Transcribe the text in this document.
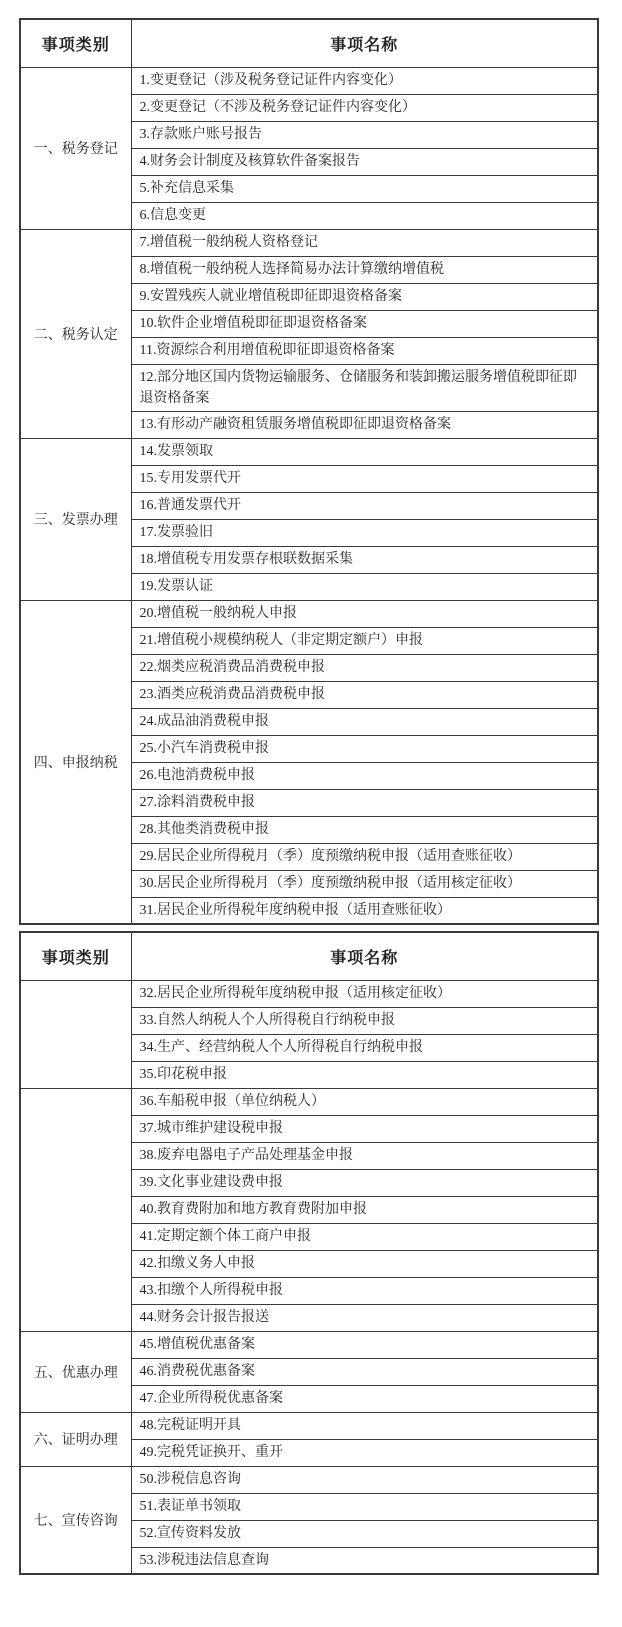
事项类别	事项名称
一、税务登记	1.变更登记（涉及税务登记证件内容变化）
	2.变更登记（不涉及税务登记证件内容变化）
	3.存款账户账号报告
	4.财务会计制度及核算软件备案报告
	5.补充信息采集
	6.信息变更
二、税务认定	7.增值税一般纳税人资格登记
	8.增值税一般纳税人选择简易办法计算缴纳增值税
	9.安置残疾人就业增值税即征即退资格备案
	10.软件企业增值税即征即退资格备案
	11.资源综合利用增值税即征即退资格备案
	12.部分地区国内货物运输服务、仓储服务和装卸搬运服务增值税即征即退资格备案
	13.有形动产融资租赁服务增值税即征即退资格备案
三、发票办理	14.发票领取
	15.专用发票代开
	16.普通发票代开
	17.发票验旧
	18.增值税专用发票存根联数据采集
	19.发票认证
四、申报纳税	20.增值税一般纳税人申报
	21.增值税小规模纳税人（非定期定额户）申报
	22.烟类应税消费品消费税申报
	23.酒类应税消费品消费税申报
	24.成品油消费税申报
	25.小汽车消费税申报
	26.电池消费税申报
	27.涂料消费税申报
	28.其他类消费税申报
	29.居民企业所得税月（季）度预缴纳税申报（适用查账征收）
	30.居民企业所得税月（季）度预缴纳税申报（适用核定征收）
	31.居民企业所得税年度纳税申报（适用查账征收）
事项类别	事项名称
	32.居民企业所得税年度纳税申报（适用核定征收）
	33.自然人纳税人个人所得税自行纳税申报
	34.生产、经营纳税人个人所得税自行纳税申报
	35.印花税申报
	36.车船税申报（单位纳税人）
	37.城市维护建设税申报
	38.废弃电器电子产品处理基金申报
	39.文化事业建设费申报
	40.教育费附加和地方教育费附加申报
	41.定期定额个体工商户申报
	42.扣缴义务人申报
	43.扣缴个人所得税申报
	44.财务会计报告报送
五、优惠办理	45.增值税优惠备案
	46.消费税优惠备案
	47.企业所得税优惠备案
六、证明办理	48.完税证明开具
	49.完税凭证换开、重开
七、宣传咨询	50.涉税信息咨询
	51.表证单书领取
	52.宣传资料发放
	53.涉税违法信息查询
